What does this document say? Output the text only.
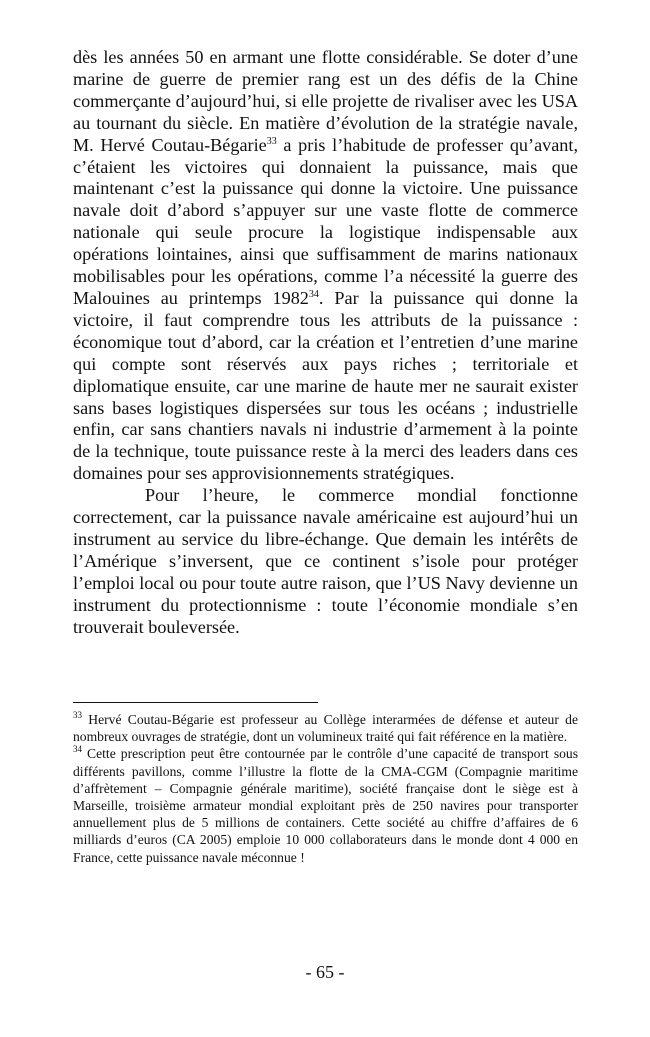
dès les années 50 en armant une flotte considérable. Se doter d’une marine de guerre de premier rang est un des défis de la Chine commerçante d’aujourd’hui, si elle projette de rivaliser avec les USA au tournant du siècle. En matière d’évolution de la stratégie navale, M. Hervé Coutau-Bégarie$^{33}$ a pris l’habitude de professer qu’avant, c’étaient les victoires qui donnaient la puissance, mais que maintenant c’est la puissance qui donne la victoire. Une puissance navale doit d’abord s’appuyer sur une vaste flotte de commerce nationale qui seule procure la logistique indispensable aux opérations lointaines, ainsi que suffisamment de marins nationaux mobilisables pour les opérations, comme l’a nécessité la guerre des Malouines au printemps 1982$^{34}$. Par la puissance qui donne la victoire, il faut comprendre tous les attributs de la puissance : économique tout d’abord, car la création et l’entretien d’une marine qui compte sont réservés aux pays riches ; territoriale et diplomatique ensuite, car une marine de haute mer ne saurait exister sans bases logistiques dispersées sur tous les océans ; industrielle enfin, car sans chantiers navals ni industrie d’armement à la pointe de la technique, toute puissance reste à la merci des leaders dans ces domaines pour ses approvisionnements stratégiques.

Pour l’heure, le commerce mondial fonctionne correctement, car la puissance navale américaine est aujourd’hui un instrument au service du libre-échange. Que demain les intérêts de l’Amérique s’inversent, que ce continent s’isole pour protéger l’emploi local ou pour toute autre raison, que l’US Navy devienne un instrument du protectionnisme : toute l’économie mondiale s’en trouverait bouleversée.

$^{33}$ Hervé Coutau-Bégarie est professeur au Collège interarmées de défense et auteur de nombreux ouvrages de stratégie, dont un volumineux traité qui fait référence en la matière.

$^{34}$ Cette prescription peut être contournée par le contrôle d’une capacité de transport sous différents pavillons, comme l’illustre la flotte de la CMA-CGM (Compagnie maritime d’affrètement – Compagnie générale maritime), société française dont le siège est à Marseille, troisième armateur mondial exploitant près de 250 navires pour transporter annuellement plus de 5 millions de containers. Cette société au chiffre d’affaires de 6 milliards d’euros (CA 2005) emploie 10 000 collaborateurs dans le monde dont 4 000 en France, cette puissance navale méconnue !

- 65 -
